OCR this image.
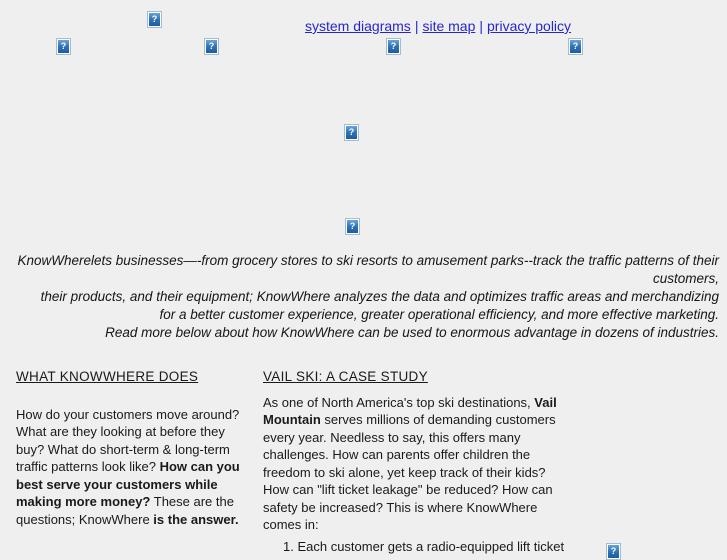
?	system diagrams | site map | privacy policy
?	?	?	?
?
?
KnowWherelets businesses—-from grocery stores to ski resorts to amusement parks--track the traffic patterns of their
customers,
their products, and their equipment; KnowWhere analyzes the data and optimizes traffic areas and merchandizing
for a better customer experience, greater operational efficiency, and more effective marketing.
Read more below about how KnowWhere can be used to enormous advantage in dozens of industries.
WHAT KNOWWHERE DOES
How do your customers move around? What are they looking at before they buy? What do short-term & long-term traffic patterns look like? How can you best serve your customers while making more money? These are the questions; KnowWhere is the answer.
VAIL SKI: A CASE STUDY
As one of North America's top ski destinations, Vail Mountain serves millions of demanding customers every year. Needless to say, this offers many challenges. How can parents offer children the freedom to ski alone, yet keep track of their kids? How can "lift ticket leakage" be reduced? How can safety be increased? This is where KnowWhere comes in:
1. Each customer gets a radio-equipped lift ticket	?
